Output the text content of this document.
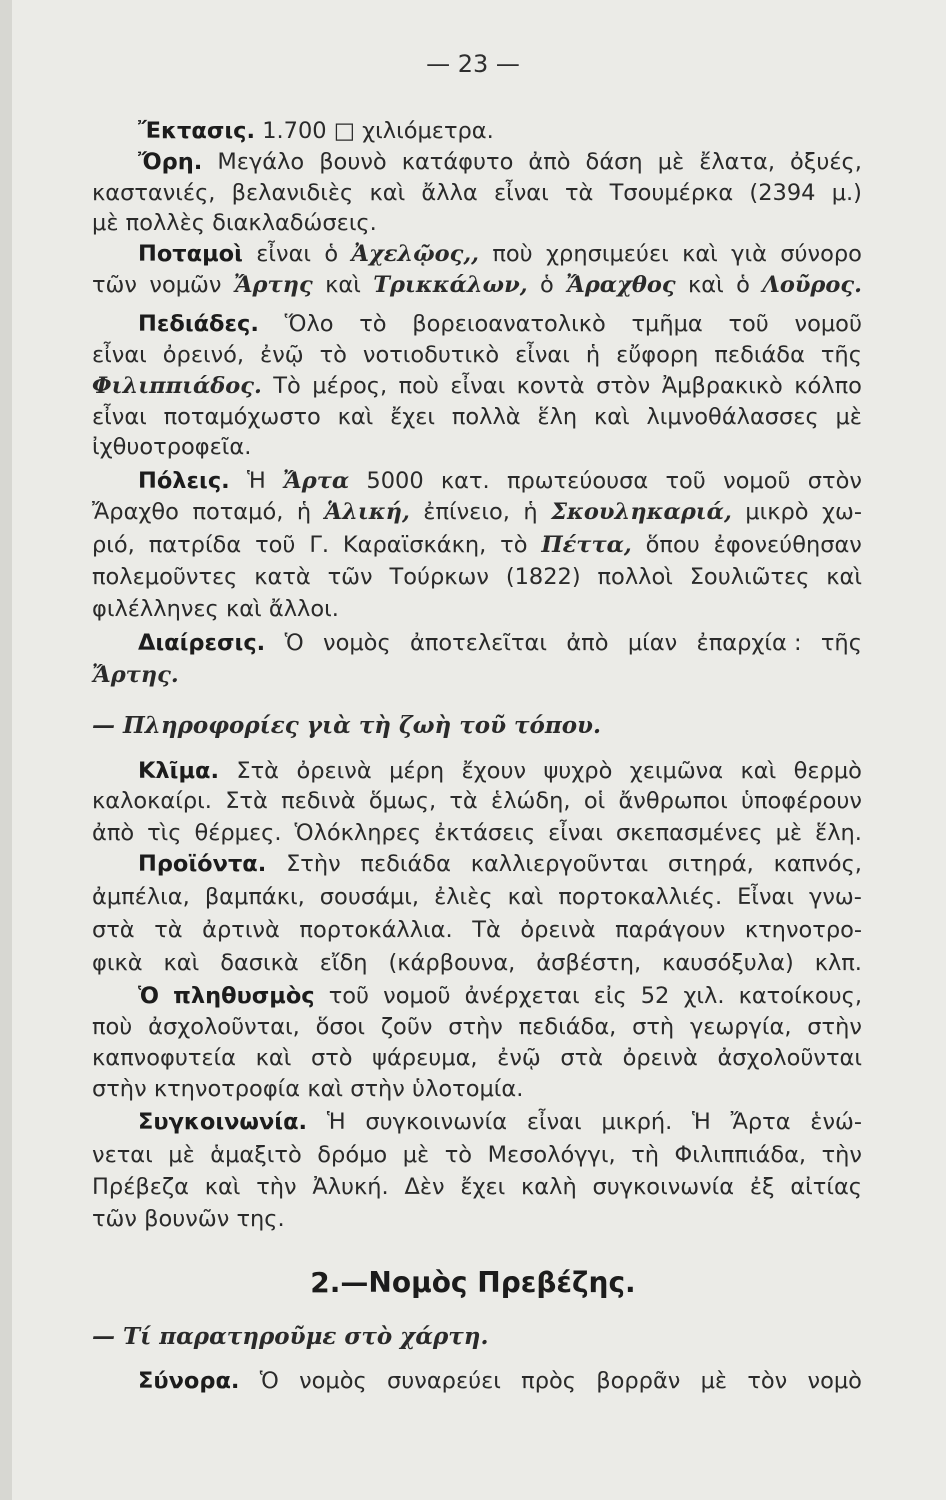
— 23 —
Ἔκτασις. 1.700 □ χιλιόμετρα.
Ὄρη. Μεγάλο βουνὸ κατάφυτο ἀπὸ δάση μὲ ἔλατα, ὀξυές,
καστανιές, βελανιδιὲς καὶ ἄλλα εἶναι τὰ Τσουμέρκα (2394 μ.)
μὲ πολλὲς διακλαδώσεις.
Ποταμοὶ εἶναι ὁ Ἀχελῷος,, ποὺ χρησιμεύει καὶ γιὰ σύνορο
τῶν νομῶν Ἄρτης καὶ Τρικκάλων, ὁ Ἄραχθος καὶ ὁ Λοῦρος.
Πεδιάδες. Ὅλο τὸ βορειοανατολικὸ τμῆμα τοῦ νομοῦ
εἶναι ὀρεινό, ἐνῷ τὸ νοτιοδυτικὸ εἶναι ἡ εὔφορη πεδιάδα τῆς
Φιλιππιάδος. Τὸ μέρος, ποὺ εἶναι κοντὰ στὸν Ἀμβρακικὸ κόλπο
εἶναι ποταμόχωστο καὶ ἔχει πολλὰ ἕλη καὶ λιμνοθάλασσες μὲ
ἰχθυοτροφεῖα.
Πόλεις. Ἡ Ἄρτα 5000 κατ. πρωτεύουσα τοῦ νομοῦ στὸν
Ἄραχθο ποταμό, ἡ Ἁλική, ἐπίνειο, ἡ Σκουληκαριά, μικρὸ χω-
ριό, πατρίδα τοῦ Γ. Καραϊσκάκη, τὸ Πέττα, ὅπου ἐφονεύθησαν
πολεμοῦντες κατὰ τῶν Τούρκων (1822) πολλοὶ Σουλιῶτες καὶ
φιλέλληνες καὶ ἄλλοι.
Διαίρεσις. Ὁ νομὸς ἀποτελεῖται ἀπὸ μίαν ἐπαρχία : τῆς
Ἄρτης.
— Πληροφορίες γιὰ τὴ ζωὴ τοῦ τόπου.
Κλῖμα. Στὰ ὀρεινὰ μέρη ἔχουν ψυχρὸ χειμῶνα καὶ θερμὸ
καλοκαίρι. Στὰ πεδινὰ ὅμως, τὰ ἑλώδη, οἱ ἄνθρωποι ὑποφέρουν
ἀπὸ τὶς θέρμες. Ὁλόκληρες ἐκτάσεις εἶναι σκεπασμένες μὲ ἕλη.
Προϊόντα. Στὴν πεδιάδα καλλιεργοῦνται σιτηρά, καπνός,
ἀμπέλια, βαμπάκι, σουσάμι, ἐλιὲς καὶ πορτοκαλλιές. Εἶναι γνω-
στὰ τὰ ἀρτινὰ πορτοκάλλια. Τὰ ὀρεινὰ παράγουν κτηνοτρο-
φικὰ καὶ δασικὰ εἴδη (κάρβουνα, ἀσβέστη, καυσόξυλα) κλπ.
Ὁ πληθυσμὸς τοῦ νομοῦ ἀνέρχεται εἰς 52 χιλ. κατοίκους,
ποὺ ἀσχολοῦνται, ὅσοι ζοῦν στὴν πεδιάδα, στὴ γεωργία, στὴν
καπνοφυτεία καὶ στὸ ψάρευμα, ἐνῷ στὰ ὀρεινὰ ἀσχολοῦνται
στὴν κτηνοτροφία καὶ στὴν ὑλοτομία.
Συγκοινωνία. Ἡ συγκοινωνία εἶναι μικρή. Ἡ Ἄρτα ἑνώ-
νεται μὲ ἁμαξιτὸ δρόμο μὲ τὸ Μεσολόγγι, τὴ Φιλιππιάδα, τὴν
Πρέβεζα καὶ τὴν Ἀλυκή. Δὲν ἔχει καλὴ συγκοινωνία ἐξ αἰτίας
τῶν βουνῶν της.
2.—Νομὸς Πρεβέζης.
— Τί παρατηροῦμε στὸ χάρτη.
Σύνορα. Ὁ νομὸς συναρεύει πρὸς βορρᾶν μὲ τὸν νομὸ
